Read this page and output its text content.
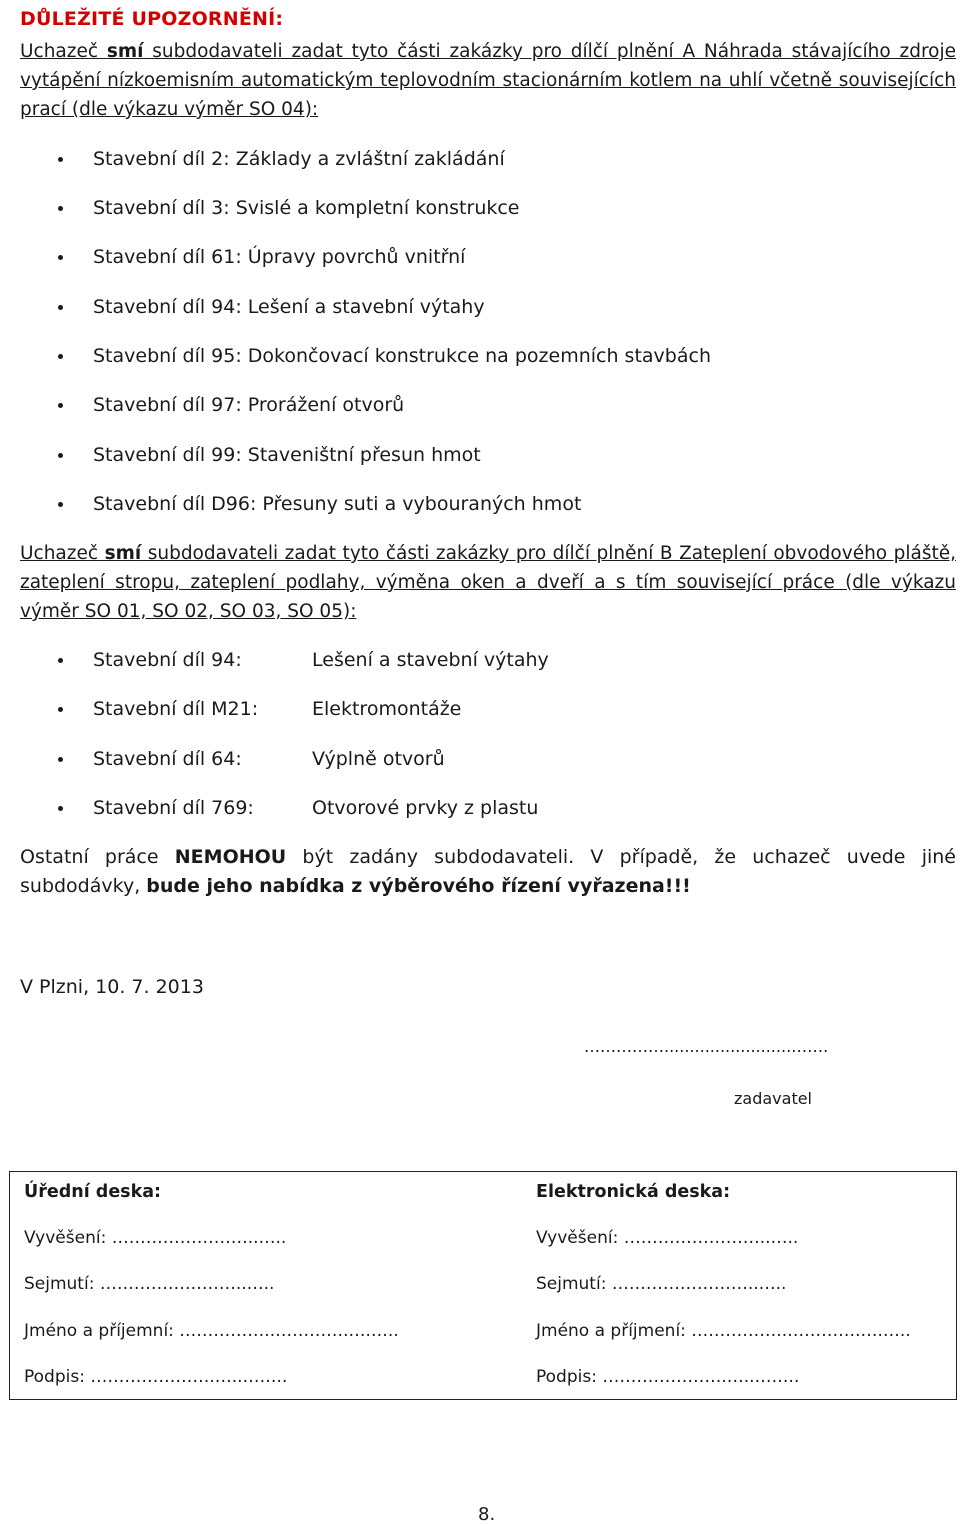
DŮLEŽITÉ UPOZORNĚNÍ:
Uchazeč smí subdodavateli zadat tyto části zakázky pro dílčí plnění A Náhrada stávajícího zdroje vytápění nízkoemisním automatickým teplovodním stacionárním kotlem na uhlí včetně souvisejících prací (dle výkazu výměr SO 04):
Stavební díl 2: Základy a zvláštní zakládání
Stavební díl 3: Svislé a kompletní konstrukce
Stavební díl 61: Úpravy povrchů vnitřní
Stavební díl 94: Lešení a stavební výtahy
Stavební díl 95: Dokončovací konstrukce na pozemních stavbách
Stavební díl 97: Prorážení otvorů
Stavební díl 99: Staveništní přesun hmot
Stavební díl D96: Přesuny suti a vybouraných hmot
Uchazeč smí subdodavateli zadat tyto části zakázky pro dílčí plnění B Zateplení obvodového pláště, zateplení stropu, zateplení podlahy, výměna oken a dveří a s tím související práce (dle výkazu výměr SO 01, SO 02, SO 03, SO 05):
Stavební díl 94:	Lešení a stavební výtahy
Stavební díl M21:	Elektromontáže
Stavební díl 64:	Výplně otvorů
Stavební díl 769:	Otvorové prvky z plastu
Ostatní práce NEMOHOU být zadány subdodavateli. V případě, že uchazeč uvede jiné subdodávky, bude jeho nabídka z výběrového řízení vyřazena!!!
V Plzni, 10. 7. 2013
…………….........................…….
zadavatel
Úřední deska:
Vyvěšení: ……………………..…..
Sejmutí: ……………………..…..
Jméno a příjemní: ……………..………….….…..
Podpis: ………………….…..……..
Elektronická deska:
Vyvěšení: ……………………..…..
Sejmutí: ……………………..…..
Jméno a příjmení: ……………..………….….…..
Podpis: ………………….…..……..
8.
